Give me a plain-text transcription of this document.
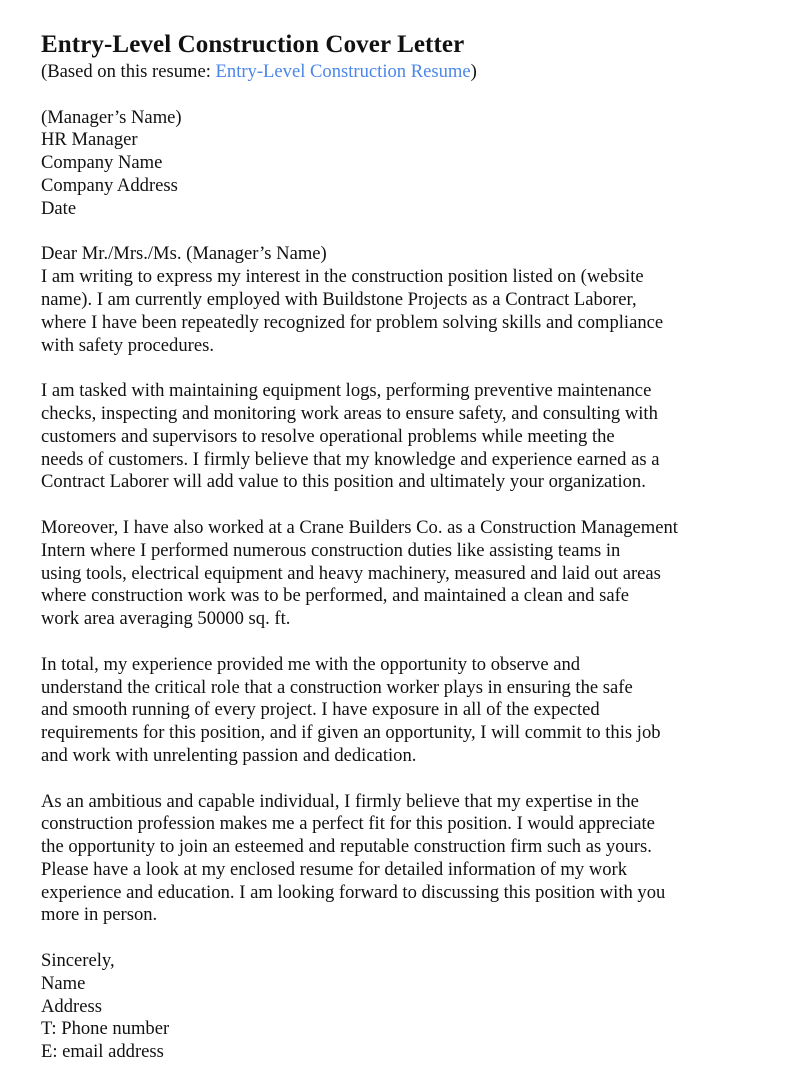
Entry-Level Construction Cover Letter

(Based on this resume: Entry-Level Construction Resume)

(Manager’s Name)
HR Manager
Company Name
Company Address
Date
Dear Mr./Mrs./Ms. (Manager’s Name)
I am writing to express my interest in the construction position listed on (website
name). I am currently employed with Buildstone Projects as a Contract Laborer,
where I have been repeatedly recognized for problem solving skills and compliance
with safety procedures.
I am tasked with maintaining equipment logs, performing preventive maintenance
checks, inspecting and monitoring work areas to ensure safety, and consulting with
customers and supervisors to resolve operational problems while meeting the
needs of customers. I firmly believe that my knowledge and experience earned as a
Contract Laborer will add value to this position and ultimately your organization.
Moreover, I have also worked at a Crane Builders Co. as a Construction Management
Intern where I performed numerous construction duties like assisting teams in
using tools, electrical equipment and heavy machinery, measured and laid out areas
where construction work was to be performed, and maintained a clean and safe
work area averaging 50000 sq. ft.
In total, my experience provided me with the opportunity to observe and
understand the critical role that a construction worker plays in ensuring the safe
and smooth running of every project. I have exposure in all of the expected
requirements for this position, and if given an opportunity, I will commit to this job
and work with unrelenting passion and dedication.
As an ambitious and capable individual, I firmly believe that my expertise in the
construction profession makes me a perfect fit for this position. I would appreciate
the opportunity to join an esteemed and reputable construction firm such as yours.
Please have a look at my enclosed resume for detailed information of my work
experience and education. I am looking forward to discussing this position with you
more in person.
Sincerely,
Name
Address
T: Phone number
E: email address
